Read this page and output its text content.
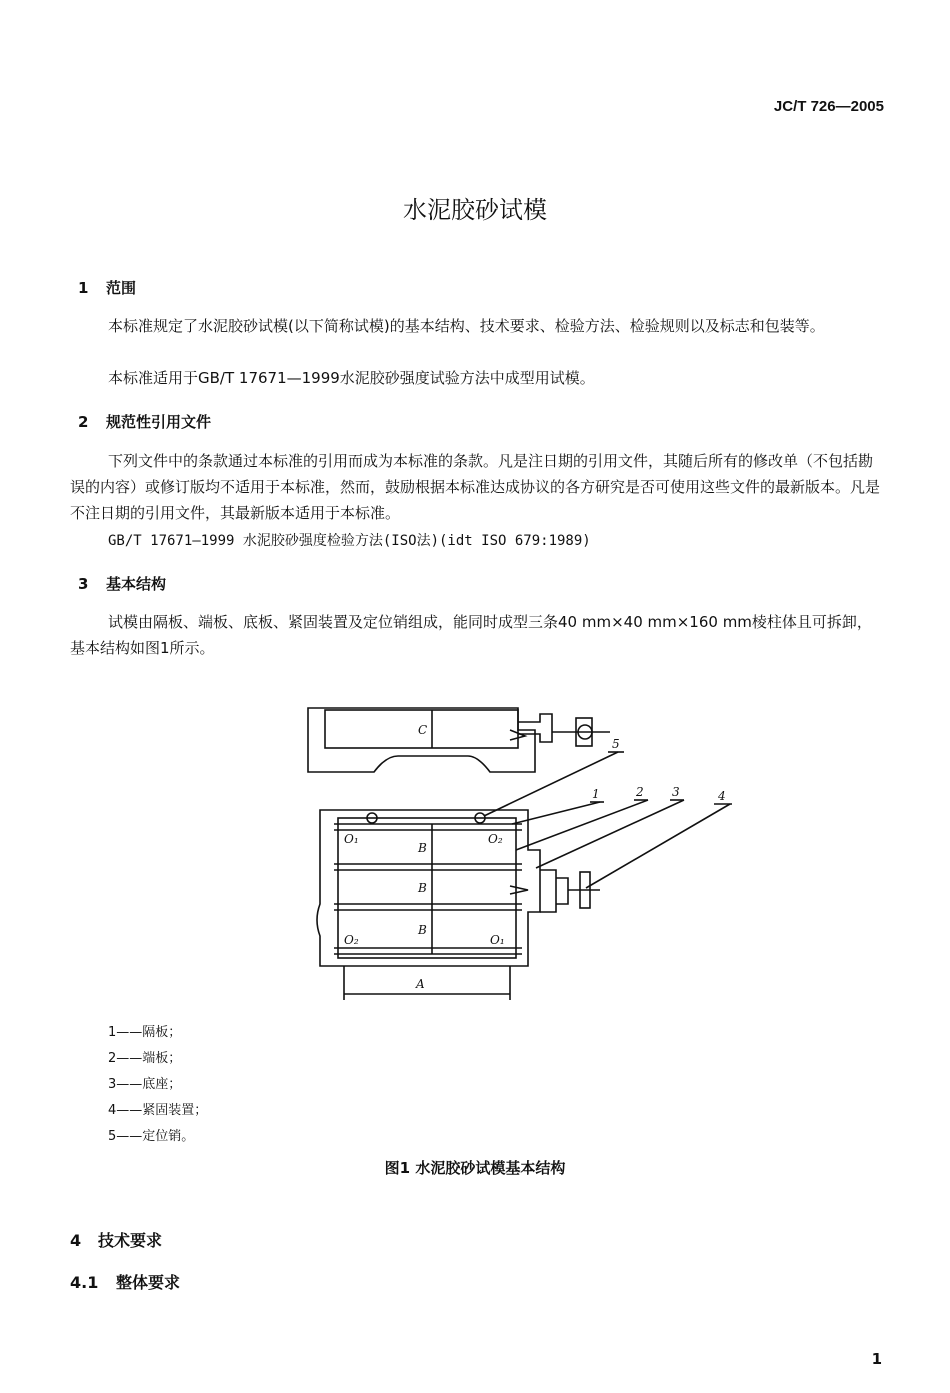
JC/T 726—2005
水泥胶砂试模
1 范围
本标准规定了水泥胶砂试模(以下简称试模)的基本结构、技术要求、检验方法、检验规则以及标志和包装等。
本标准适用于GB/T 17671—1999水泥胶砂强度试验方法中成型用试模。
2 规范性引用文件
下列文件中的条款通过本标准的引用而成为本标准的条款。凡是注日期的引用文件，其随后所有的修改单（不包括勘误的内容）或修订版均不适用于本标准，然而，鼓励根据本标准达成协议的各方研究是否可使用这些文件的最新版本。凡是不注日期的引用文件，其最新版本适用于本标准。
GB/T 17671—1999 水泥胶砂强度检验方法(ISO法)(idt ISO 679:1989)
3 基本结构
试模由隔板、端板、底板、紧固装置及定位销组成，能同时成型三条40 mm×40 mm×160 mm棱柱体且可拆卸，基本结构如图1所示。
C
B
B
B
O₁	O₂
O₂	O₁
A
5
1	2 3	4
1——隔板；
2——端板；
3——底座；
4——紧固装置；
5——定位销。
图1 水泥胶砂试模基本结构
4 技术要求
4.1 整体要求
1
